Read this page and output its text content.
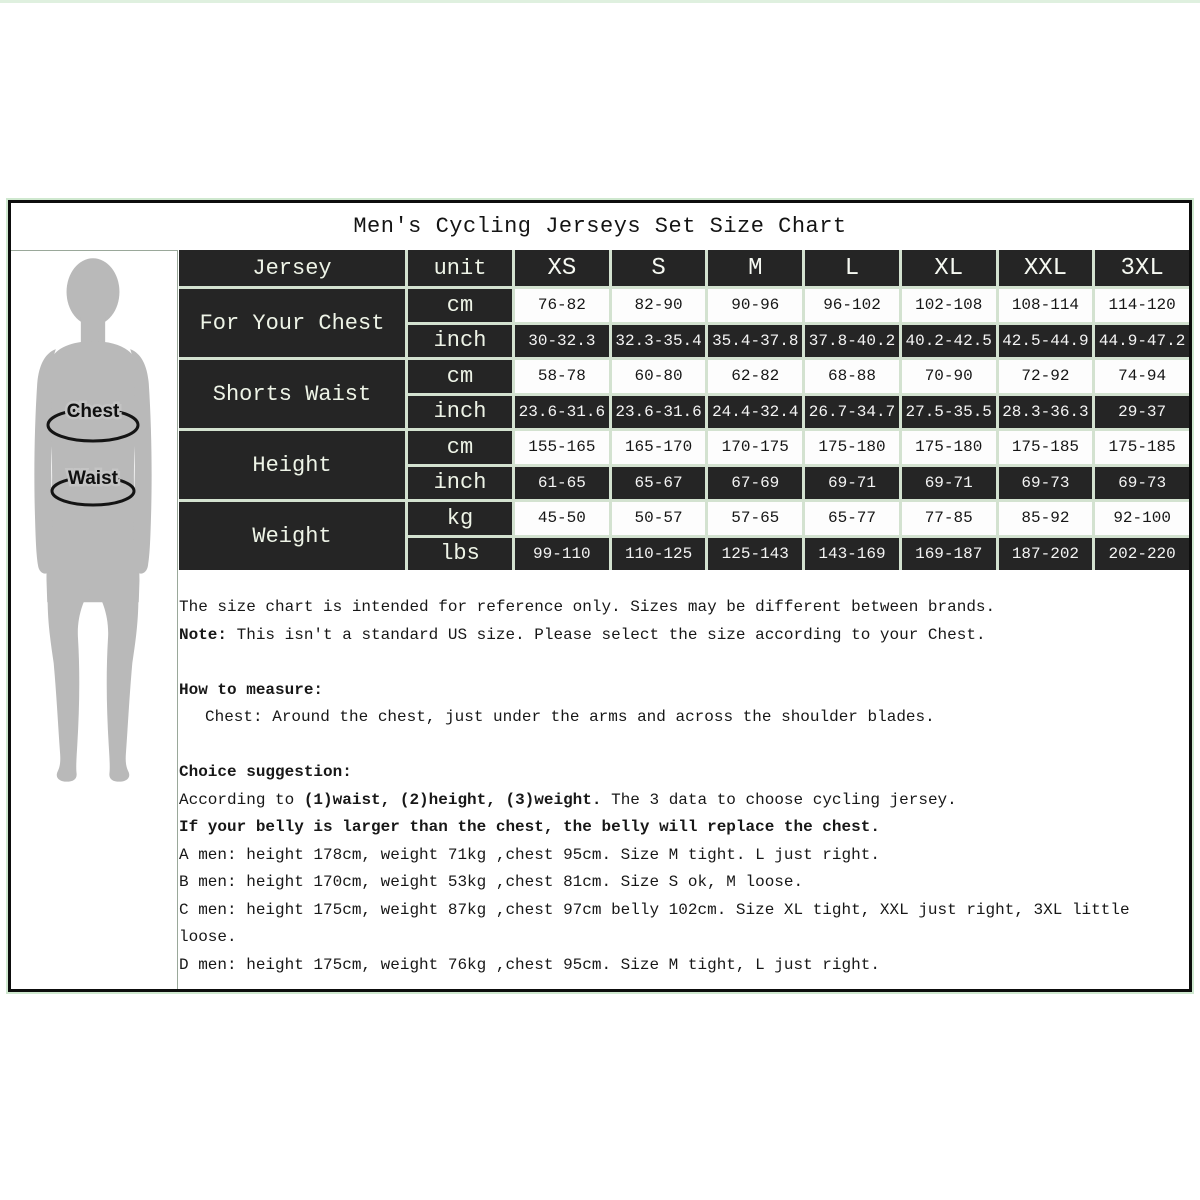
Men's Cycling Jerseys Set Size Chart
Chest
Waist
Jersey	unit	XS	S	M	L	XL	XXL	3XL
For Your Chest
cm	76-82	82-90	90-96	96-102	102-108	108-114	114-120
inch	30-32.3	32.3-35.4 35.4-37.8 37.8-40.2 40.2-42.5 42.5-44.9 44.9-47.2
Shorts Waist
cm	58-78	60-80	62-82	68-88	70-90	72-92	74-94
inch	23.6-31.6 23.6-31.6 24.4-32.4 26.7-34.7 27.5-35.5 28.3-36.3	29-37
Height
cm	155-165	165-170	170-175	175-180	175-180	175-185	175-185
inch	61-65	65-67	67-69	69-71	69-71	69-73	69-73
Weight
kg	45-50	50-57	57-65	65-77	77-85	85-92	92-100
lbs	99-110	110-125	125-143	143-169	169-187	187-202	202-220
The size chart is intended for reference only. Sizes may be different between brands.
Note: This isn't a standard US size. Please select the size according to your Chest.
How to measure:
Chest: Around the chest, just under the arms and across the shoulder blades.
Choice suggestion:
According to (1)waist, (2)height, (3)weight. The 3 data to choose cycling jersey.
If your belly is larger than the chest, the belly will replace the chest.
A men: height 178cm, weight 71kg ,chest 95cm. Size M tight. L just right.
B men: height 170cm, weight 53kg ,chest 81cm. Size S ok, M loose.
C men: height 175cm, weight 87kg ,chest 97cm belly 102cm. Size XL tight, XXL just right, 3XL little loose.
D men: height 175cm, weight 76kg ,chest 95cm. Size M tight, L just right.
